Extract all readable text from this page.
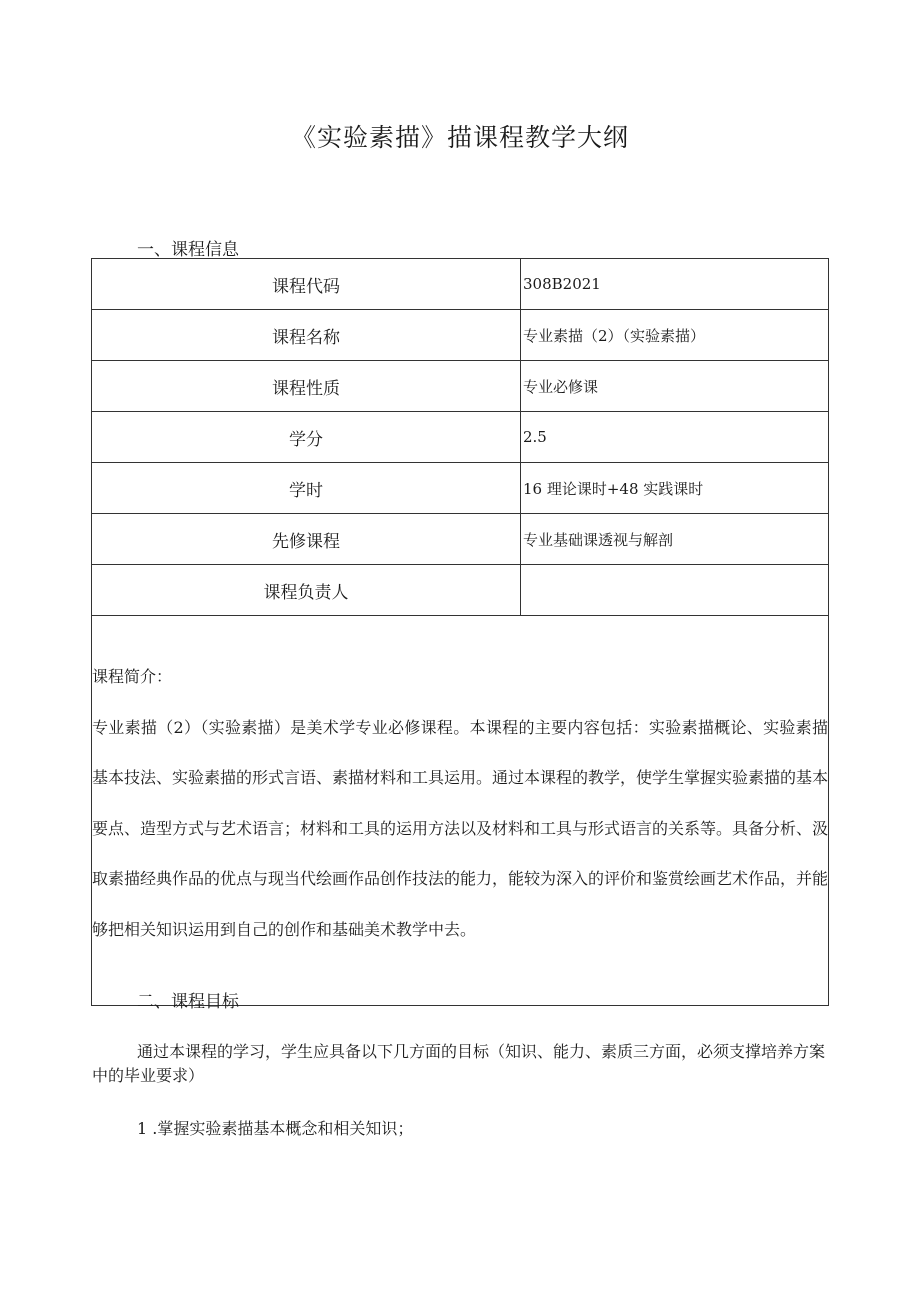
《实验素描》描课程教学大纲
一、课程信息
课程代码	308B2021
课程名称	专业素描（2）（实验素描）
课程性质	专业必修课
学分	2.5
学时	16 理论课时+48 实践课时
先修课程	专业基础课透视与解剖
课程负责人	

课程简介：
专业素描（2）（实验素描）是美术学专业必修课程。本课程的主要内容包括：实验素描概论、实验素描基本技法、实验素描的形式言语、素描材料和工具运用。通过本课程的教学，使学生掌握实验素描的基本要点、造型方式与艺术语言；材料和工具的运用方法以及材料和工具与形式语言的关系等。具备分析、汲取素描经典作品的优点与现当代绘画作品创作技法的能力，能较为深入的评价和鉴赏绘画艺术作品，并能够把相关知识运用到自己的创作和基础美术教学中去。	
二、课程目标
通过本课程的学习，学生应具备以下几方面的目标（知识、能力、素质三方面，必须支撑培养方案中的毕业要求）
1 .掌握实验素描基本概念和相关知识；
